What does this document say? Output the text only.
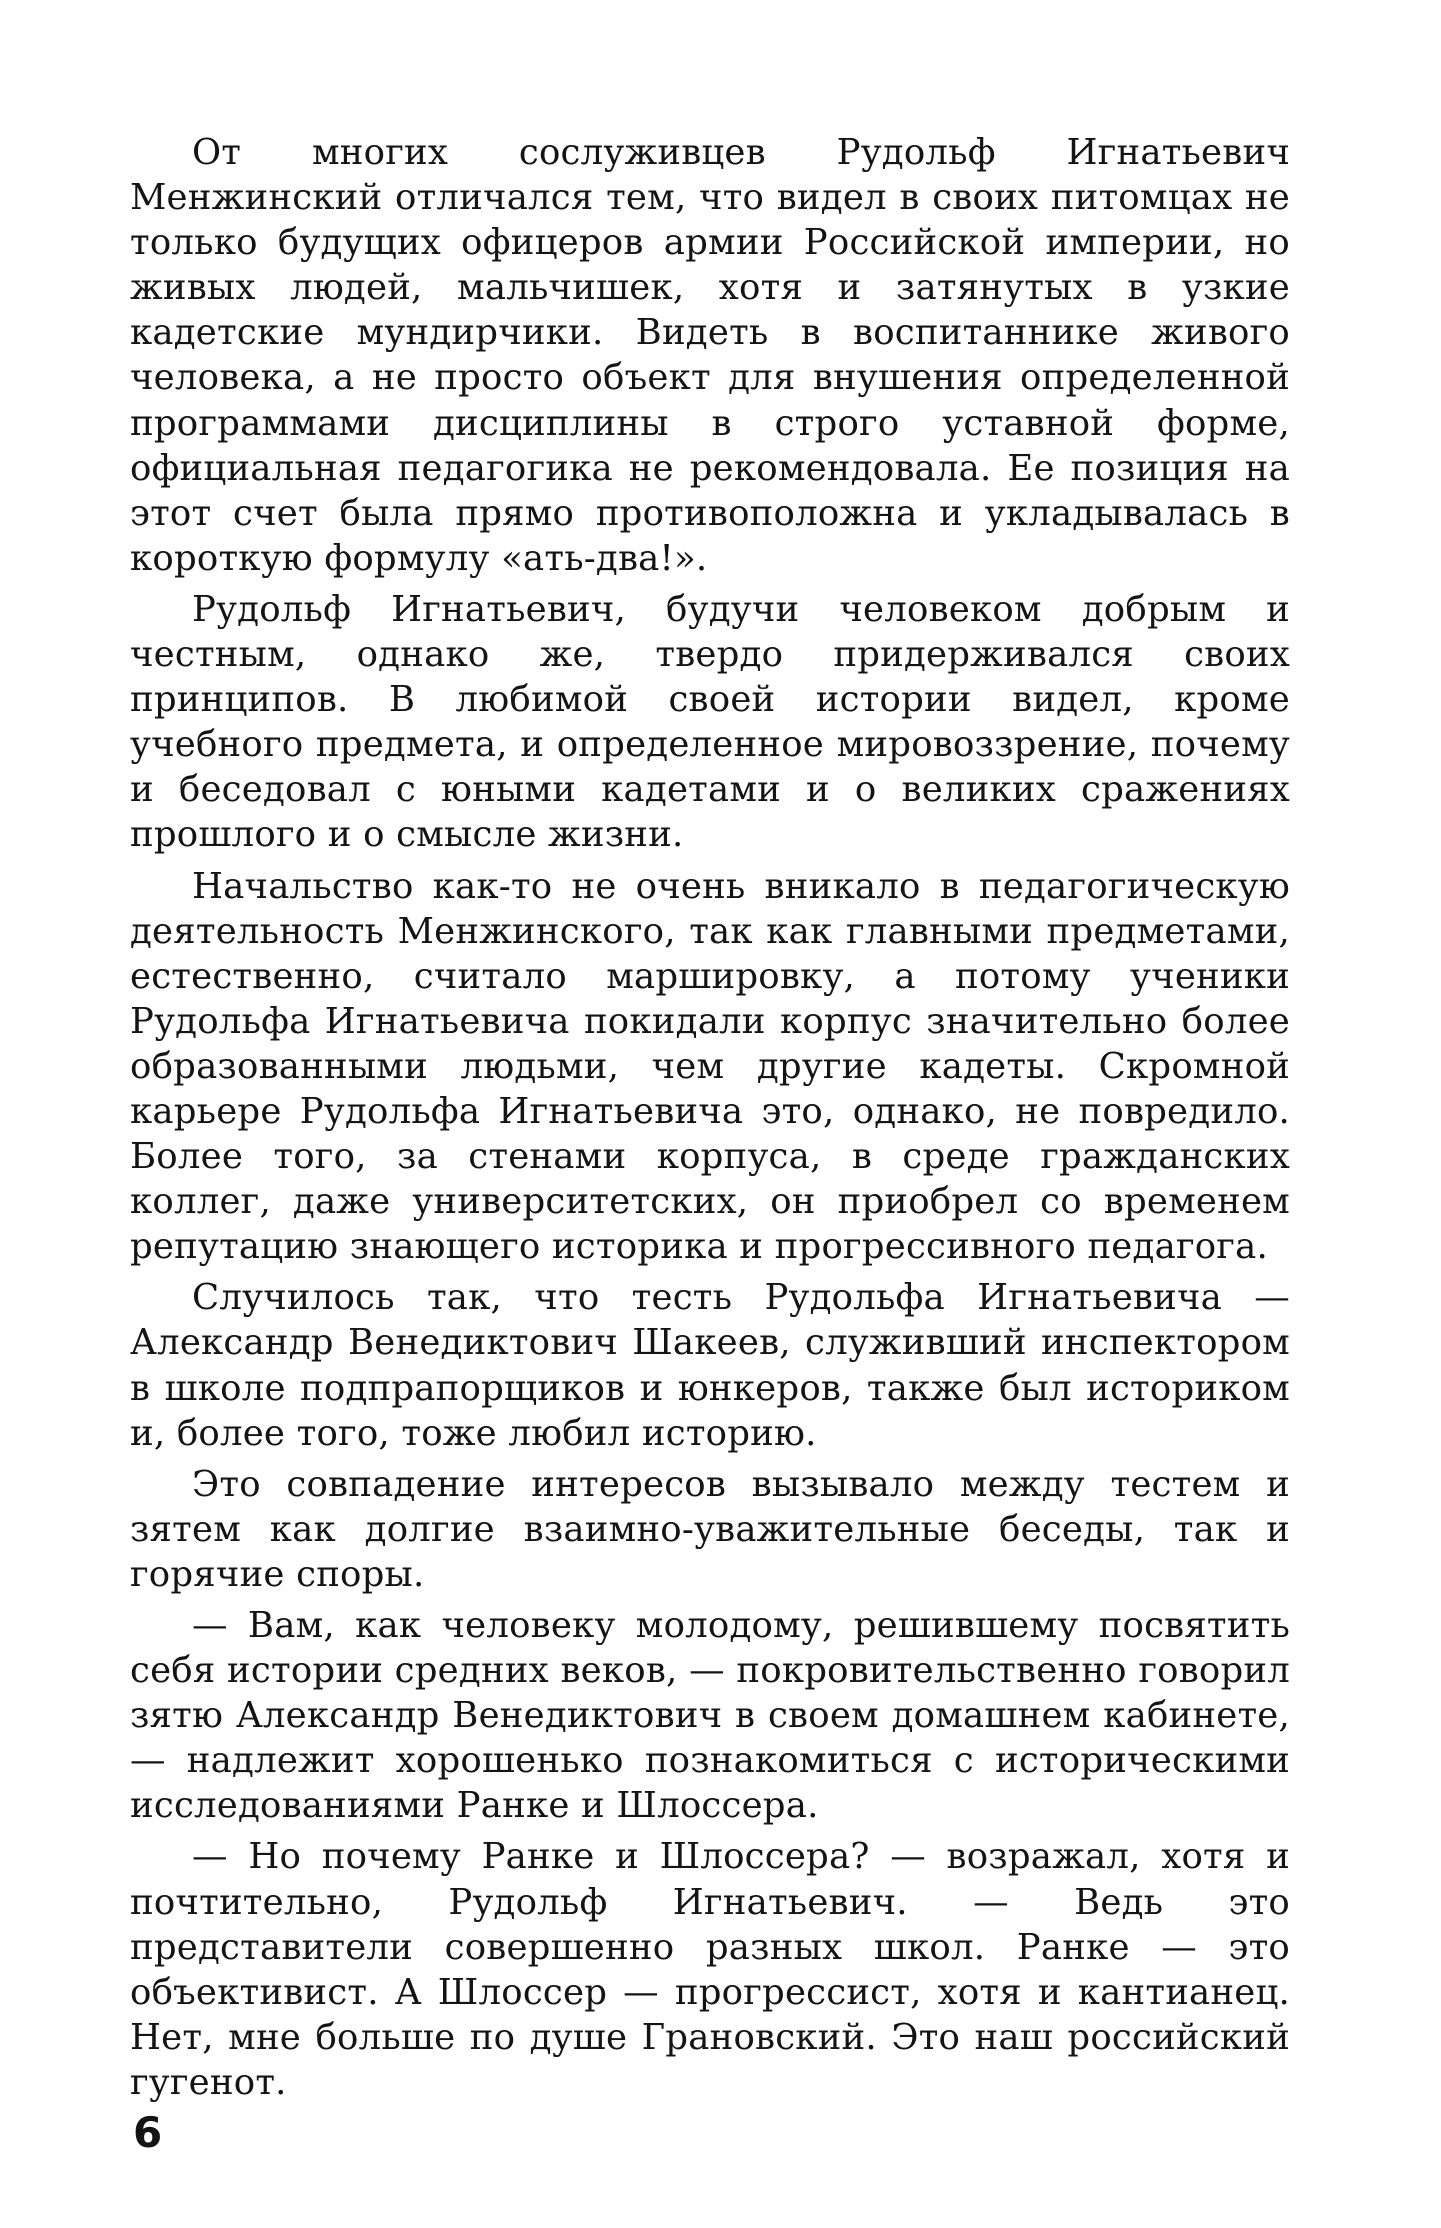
От многих сослуживцев Рудольф Игнатьевич Менжинский отличался тем, что видел в своих питомцах не только будущих офицеров армии Российской империи, но живых людей, мальчишек, хотя и затянутых в узкие кадетские мундирчики. Видеть в воспитаннике живого человека, а не просто объект для внушения определенной программами дисциплины в строго уставной форме, официальная педагогика не рекомендовала. Ее позиция на этот счет была прямо противоположна и укладывалась в короткую формулу «ать-два!».

Рудольф Игнатьевич, будучи человеком добрым и честным, однако же, твердо придерживался своих принципов. В любимой своей истории видел, кроме учебного предмета, и определенное мировоззрение, почему и беседовал с юными кадетами и о великих сражениях прошлого и о смысле жизни.

Начальство как-то не очень вникало в педагогическую деятельность Менжинского, так как главными предметами, естественно, считало маршировку, а потому ученики Рудольфа Игнатьевича покидали корпус значительно более образованными людьми, чем другие кадеты. Скромной карьере Рудольфа Игнатьевича это, однако, не повредило. Более того, за стенами корпуса, в среде гражданских коллег, даже университетских, он приобрел со временем репутацию знающего историка и прогрессивного педагога.

Случилось так, что тесть Рудольфа Игнатьевича — Александр Венедиктович Шакеев, служивший инспектором в школе подпрапорщиков и юнкеров, также был историком и, более того, тоже любил историю.

Это совпадение интересов вызывало между тестем и зятем как долгие взаимно-уважительные беседы, так и горячие споры.

— Вам, как человеку молодому, решившему посвятить себя истории средних веков, — покровительственно говорил зятю Александр Венедиктович в своем домашнем кабинете, — надлежит хорошенько познакомиться с историческими исследованиями Ранке и Шлоссера.

— Но почему Ранке и Шлоссера? — возражал, хотя и почтительно, Рудольф Игнатьевич. — Ведь это представители совершенно разных школ. Ранке — это объективист. А Шлоссер — прогрессист, хотя и кантианец. Нет, мне больше по душе Грановский. Это наш российский гугенот.

6
